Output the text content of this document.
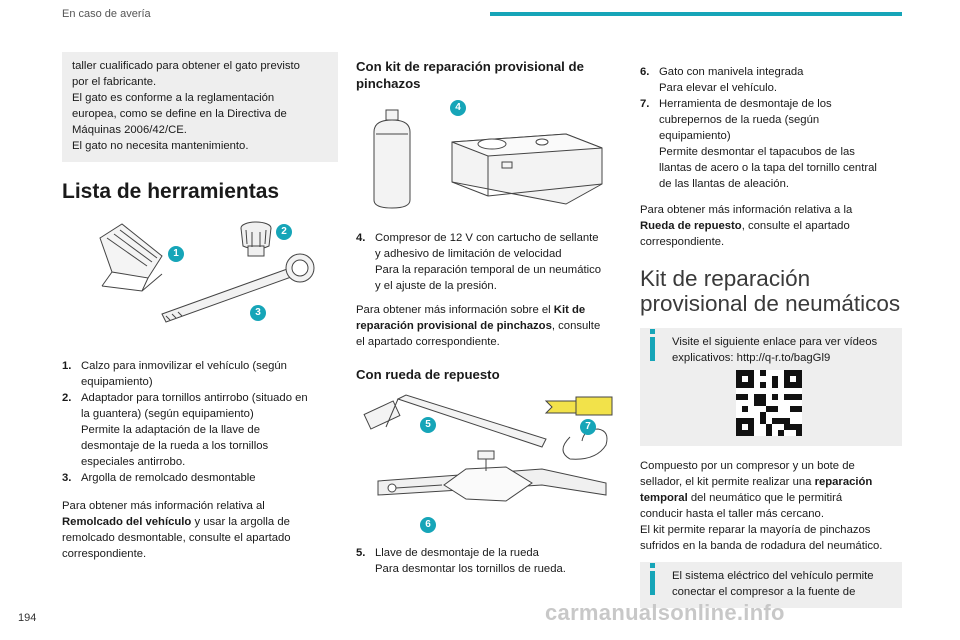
En caso de avería
taller cualificado para obtener el gato previsto
por el fabricante.
El gato es conforme a la reglamentación
europea, como se define en la Directiva de
Máquinas 2006/42/CE.
El gato no necesita mantenimiento.
Lista de herramientas
1
2
3
1. Calzo para inmovilizar el vehículo (según
equipamiento)
2. Adaptador para tornillos antirrobo (situado en
la guantera) (según equipamiento)
Permite la adaptación de la llave de
desmontaje de la rueda a los tornillos
especiales antirrobo.
3. Argolla de remolcado desmontable
Para obtener más información relativa al
Remolcado del vehículo y usar la argolla de
remolcado desmontable, consulte el apartado
correspondiente.
Con kit de reparación provisional de
pinchazos
4
4. Compresor de 12 V con cartucho de sellante
y adhesivo de limitación de velocidad
Para la reparación temporal de un neumático
y el ajuste de la presión.
Para obtener más información sobre el Kit de
reparación provisional de pinchazos, consulte
el apartado correspondiente.
Con rueda de repuesto
5	7
6
5. Llave de desmontaje de la rueda
Para desmontar los tornillos de rueda.
6. Gato con manivela integrada
Para elevar el vehículo.
7. Herramienta de desmontaje de los
cubrepernos de la rueda (según
equipamiento)
Permite desmontar el tapacubos de las
llantas de acero o la tapa del tornillo central
de las llantas de aleación.
Para obtener más información relativa a la
Rueda de repuesto, consulte el apartado
correspondiente.
Kit de reparación
provisional de neumáticos
Visite el siguiente enlace para ver vídeos
explicativos: http://q-r.to/bagGl9
Compuesto por un compresor y un bote de
sellador, el kit permite realizar una reparación
temporal del neumático que le permitirá
conducir hasta el taller más cercano.
El kit permite reparar la mayoría de pinchazos
sufridos en la banda de rodadura del neumático.
El sistema eléctrico del vehículo permite
conectar el compresor a la fuente de
194	carmanualsonline.info
